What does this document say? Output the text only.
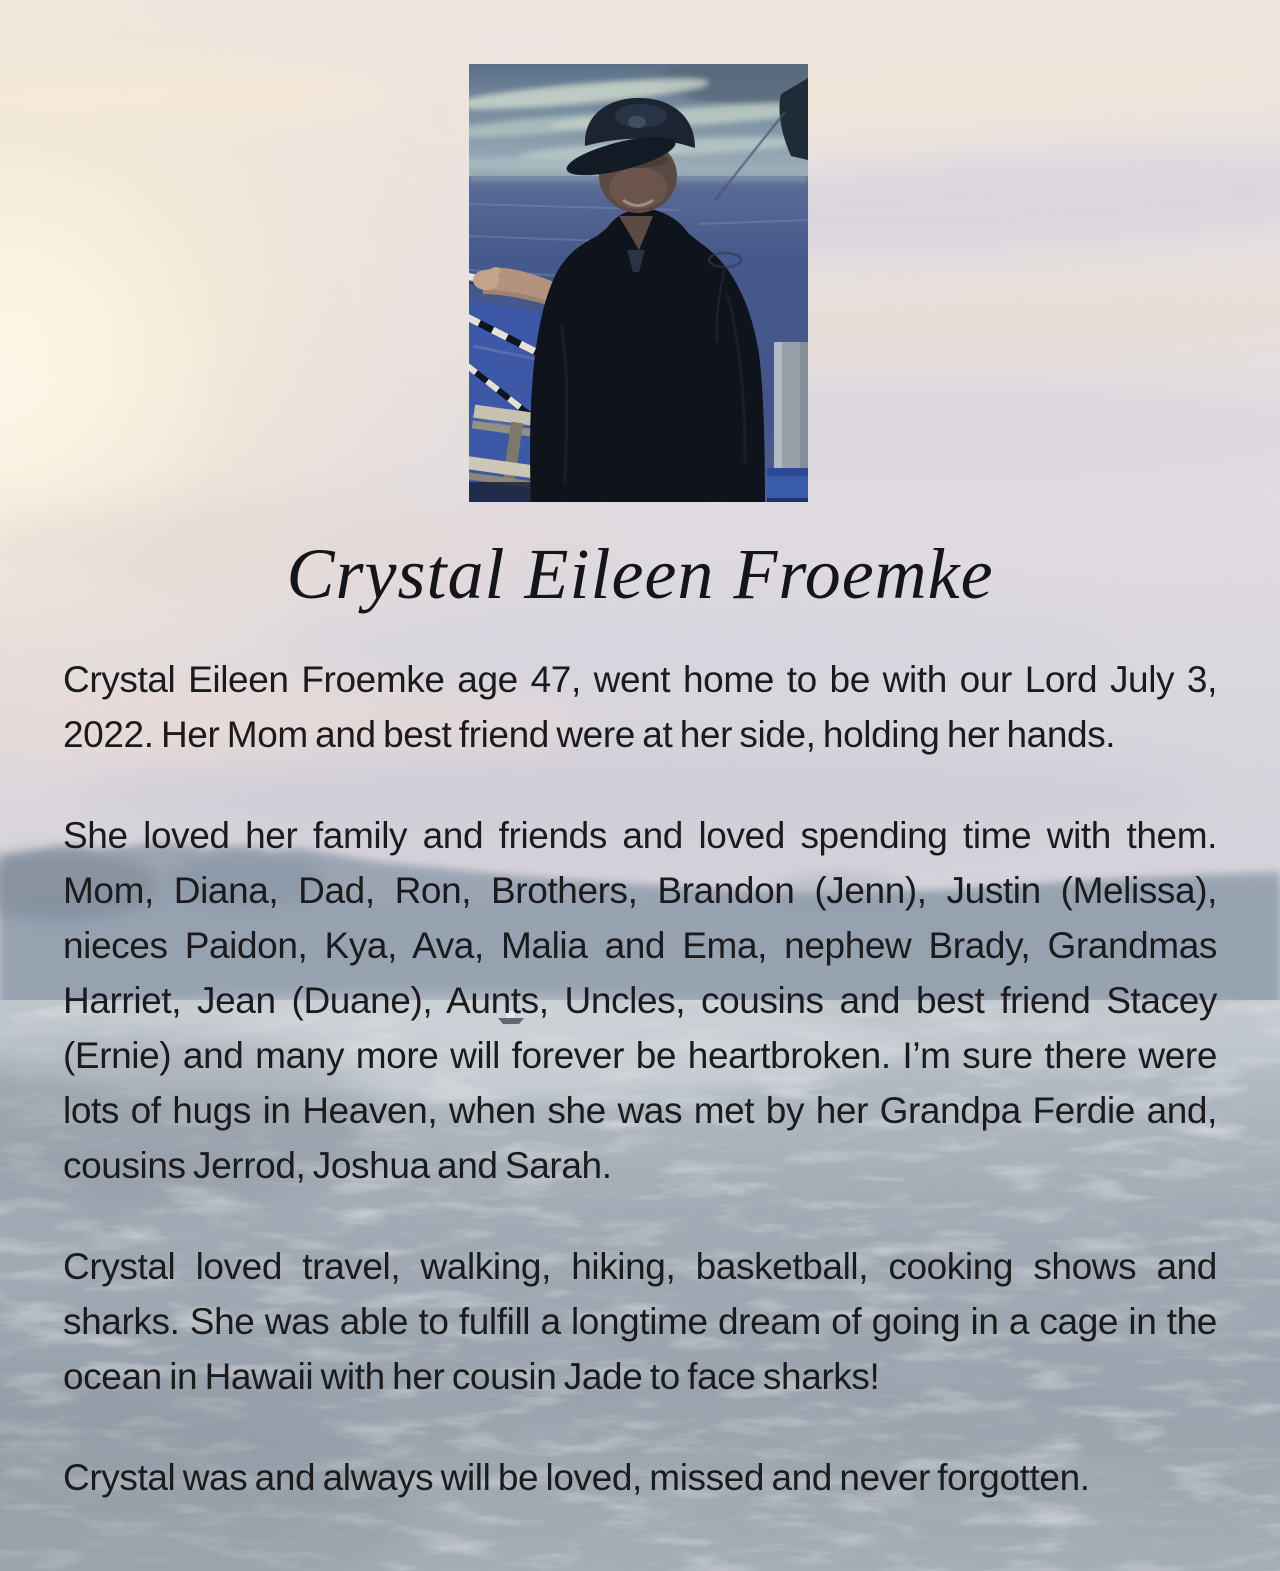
Crystal Eileen Froemke

Crystal Eileen Froemke age 47, went home to be with our Lord July 3, 2022. Her Mom and best friend were at her side, holding her hands.

She loved her family and friends and loved spending time with them. Mom, Diana, Dad, Ron, Brothers, Brandon (Jenn), Justin (Melissa), nieces Paidon, Kya, Ava, Malia and Ema, nephew Brady, Grandmas Harriet, Jean (Duane), Aunts, Uncles, cousins and best friend Stacey (Ernie) and many more will forever be heartbroken. I’m sure there were lots of hugs in Heaven, when she was met by her Grandpa Ferdie and, cousins Jerrod, Joshua and Sarah.

Crystal loved travel, walking, hiking, basketball, cooking shows and sharks. She was able to fulfill a longtime dream of going in a cage in the ocean in Hawaii with her cousin Jade to face sharks!

Crystal was and always will be loved, missed and never forgotten.
